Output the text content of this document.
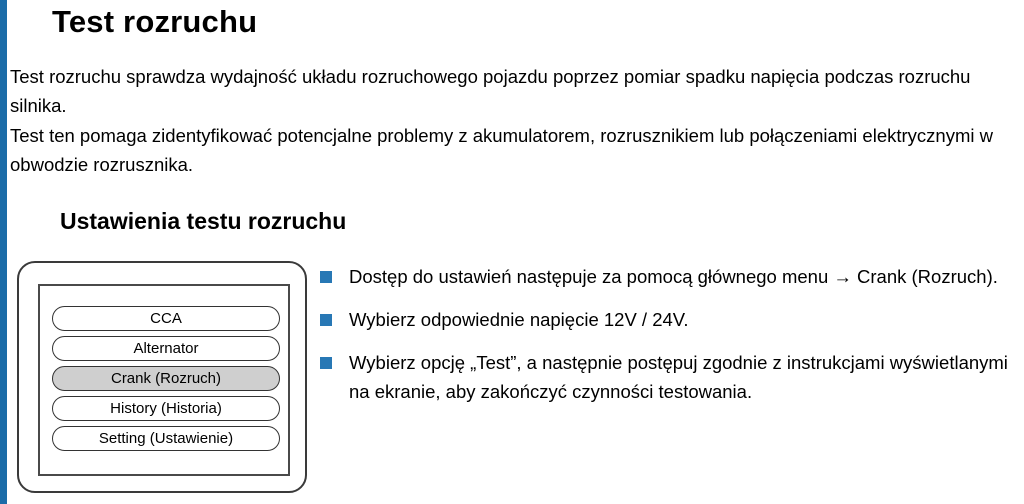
Test rozruchu
Test rozruchu sprawdza wydajność układu rozruchowego pojazdu poprzez pomiar spadku napięcia podczas rozruchu silnika.
Test ten pomaga zidentyfikować potencjalne problemy z akumulatorem, rozrusznikiem lub połączeniami elektrycznymi w obwodzie rozrusznika.
Ustawienia testu rozruchu
CCA
Alternator
Crank (Rozruch)
History (Historia)
Setting (Ustawienie)
Dostęp do ustawień następuje za pomocą głównego menu → Crank (Rozruch).
Wybierz odpowiednie napięcie 12V / 24V.
Wybierz opcję „Test”, a następnie postępuj zgodnie z instrukcjami wyświetlanymi na ekranie, aby zakończyć czynności testowania.
